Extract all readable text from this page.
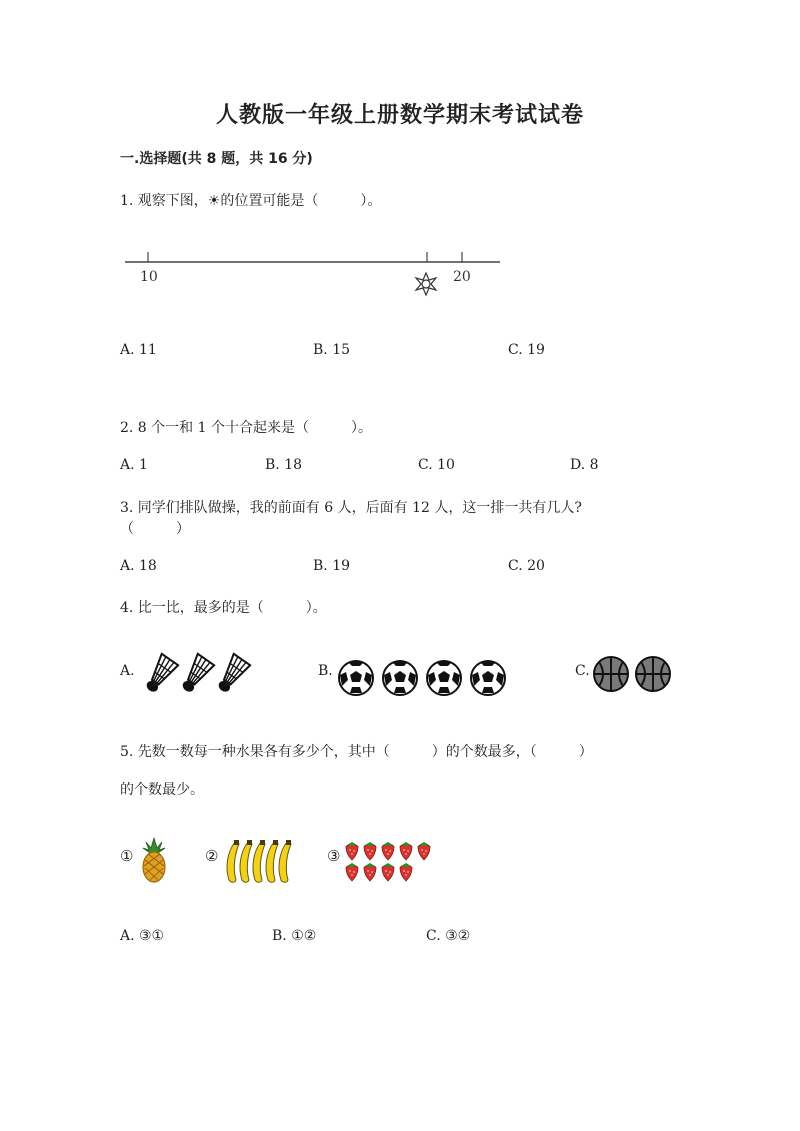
人教版一年级上册数学期末考试试卷
一.选择题(共 8 题，共 16 分)
1. 观察下图，☀的位置可能是（　　　）。
10	20
A. 11	B. 15	C. 19
2. 8 个一和 1 个十合起来是（　　　）。
A. 1	B. 18	C. 10	D. 8
3. 同学们排队做操，我的前面有 6 人，后面有 12 人，这一排一共有几人?
（　　　）
A. 18	B. 19	C. 20
4. 比一比，最多的是（　　　）。
A.	B.	C.
5. 先数一数每一种水果各有多少个，其中（　　　）的个数最多，（　　　）
的个数最少。
①	②	③
A. ③①	B. ①②	C. ③②
